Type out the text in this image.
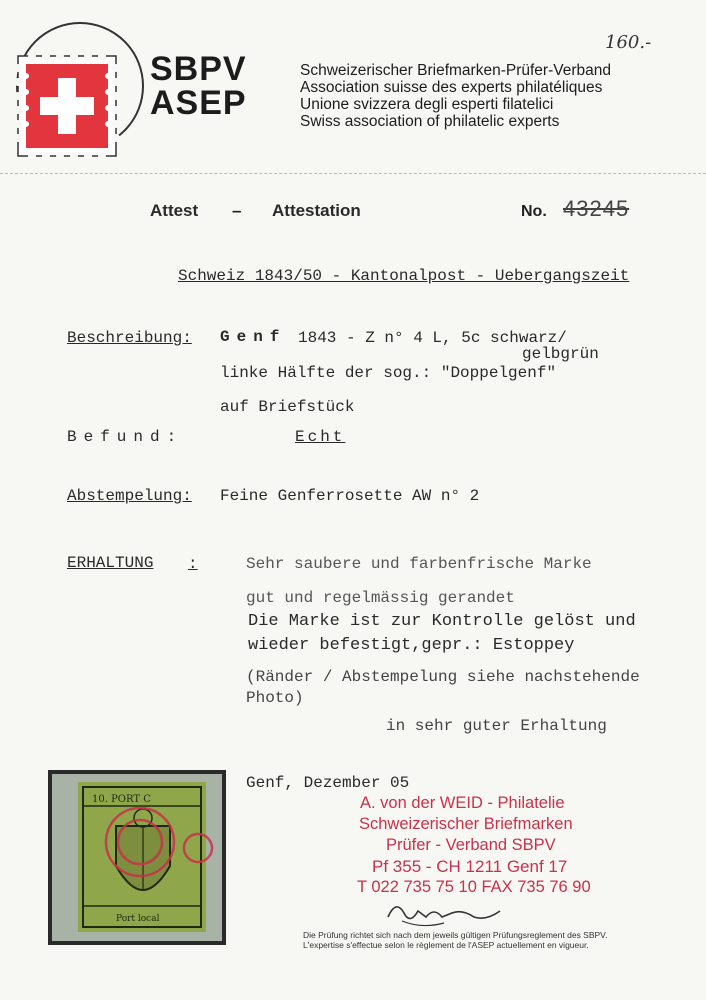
160.-
SBPV
ASEP
Schweizerischer Briefmarken-Prüfer-Verband
Association suisse des experts philatéliques
Unione svizzera degli esperti filatelici
Swiss association of philatelic experts
Attest – Attestation	No. 43245
Schweiz 1843/50 - Kantonalpost - Uebergangszeit
Beschreibung: Genf 1843 - Z n° 4 L, 5c schwarz/
gelbgrün
linke Hälfte der sog.: "Doppelgenf"
auf Briefstück
Befund:	Echt
Abstempelung: Feine Genferrosette AW n° 2
ERHALTUNG :	Sehr saubere und farbenfrische Marke
gut und regelmässig gerandet
Die Marke ist zur Kontrolle gelöst und
wieder befestigt,gepr.: Estoppey
(Ränder / Abstempelung siehe nachstehende
Photo)
in sehr guter Erhaltung
10. PORT C
Port local
Genf, Dezember 05
A. von der WEID - Philatelie
Schweizerischer Briefmarken
Prüfer - Verband SBPV
Pf 355 - CH 1211 Genf 17
T 022 735 75 10 FAX 735 76 90
Die Prüfung richtet sich nach dem jeweils gültigen Prüfungsreglement des SBPV.
L'expertise s'effectue selon le règlement de l'ASEP actuellement en vigueur.
